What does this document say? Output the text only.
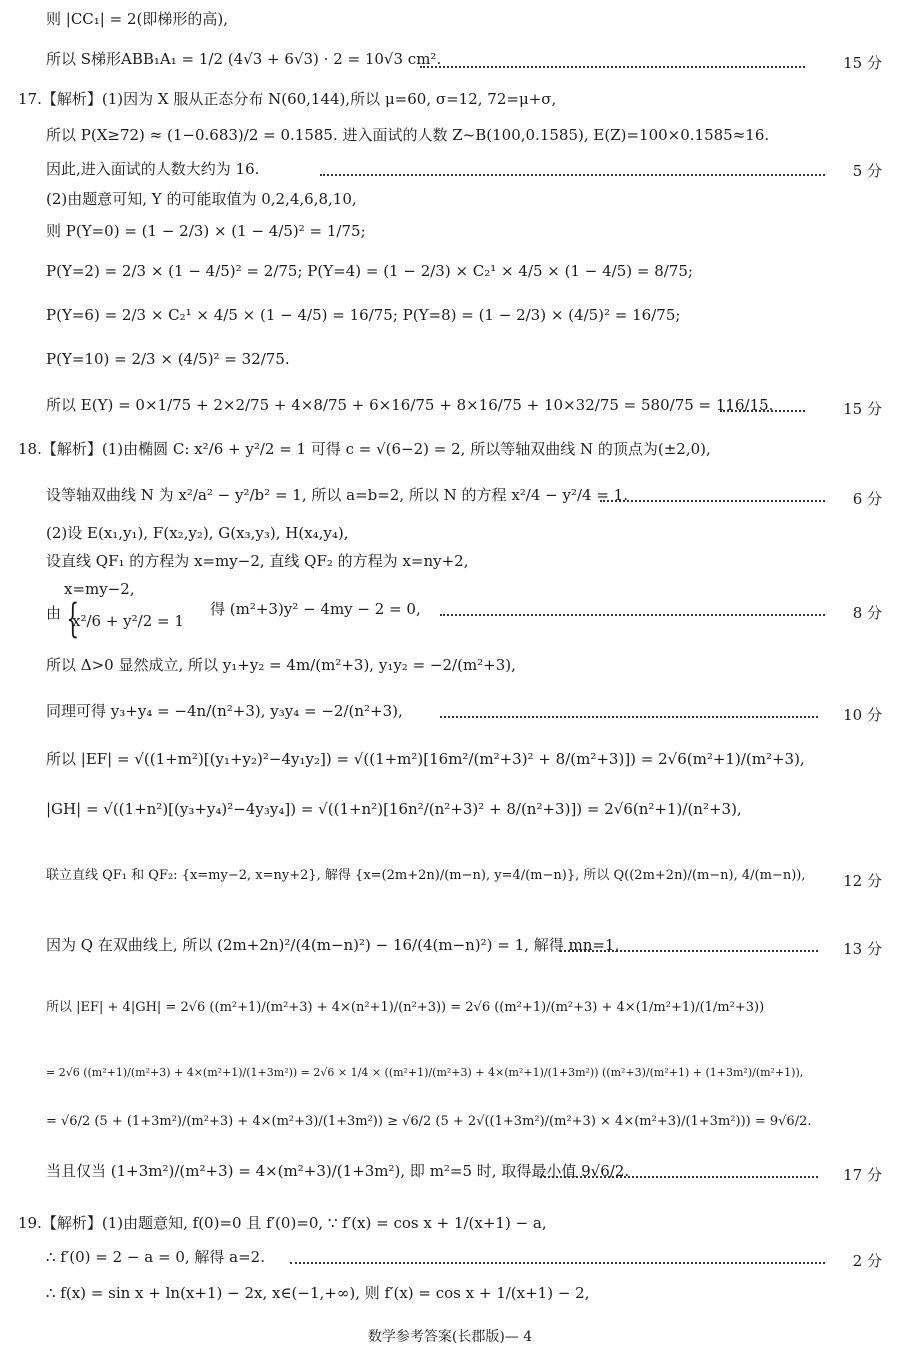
则 |CC₁| = 2(即梯形的高),
所以 S梯形ABB₁A₁ = 1/2 (4√3 + 6√3) · 2 = 10√3 cm².	15 分
17.【解析】(1)因为 X 服从正态分布 N(60,144),所以 μ=60, σ=12, 72=μ+σ,
所以 P(X≥72) ≈ (1−0.683)/2 = 0.1585. 进入面试的人数 Z~B(100,0.1585), E(Z)=100×0.1585≈16.
因此,进入面试的人数大约为 16.	5 分
(2)由题意可知, Y 的可能取值为 0,2,4,6,8,10,
则 P(Y=0) = (1 − 2/3) × (1 − 4/5)² = 1/75;
P(Y=2) = 2/3 × (1 − 4/5)² = 2/75; P(Y=4) = (1 − 2/3) × C₂¹ × 4/5 × (1 − 4/5) = 8/75;
P(Y=6) = 2/3 × C₂¹ × 4/5 × (1 − 4/5) = 16/75; P(Y=8) = (1 − 2/3) × (4/5)² = 16/75;
P(Y=10) = 2/3 × (4/5)² = 32/75.
所以 E(Y) = 0×1/75 + 2×2/75 + 4×8/75 + 6×16/75 + 8×16/75 + 10×32/75 = 580/75 = 116/15.	15 分
18.【解析】(1)由椭圆 C: x²/6 + y²/2 = 1 可得 c = √(6−2) = 2, 所以等轴双曲线 N 的顶点为(±2,0),
设等轴双曲线 N 为 x²/a² − y²/b² = 1, 所以 a=b=2, 所以 N 的方程 x²/4 − y²/4 = 1.	6 分
(2)设 E(x₁,y₁), F(x₂,y₂), G(x₃,y₃), H(x₄,y₄),
设直线 QF₁ 的方程为 x=my−2, 直线 QF₂ 的方程为 x=ny+2,
x=my−2,
由 {
x²/6 + y²/2 = 1
得 (m²+3)y² − 4my − 2 = 0,	8 分
所以 Δ>0 显然成立, 所以 y₁+y₂ = 4m/(m²+3), y₁y₂ = −2/(m²+3),
同理可得 y₃+y₄ = −4n/(n²+3), y₃y₄ = −2/(n²+3),	10 分
所以 |EF| = √((1+m²)[(y₁+y₂)²−4y₁y₂]) = √((1+m²)[16m²/(m²+3)² + 8/(m²+3)]) = 2√6(m²+1)/(m²+3),
|GH| = √((1+n²)[(y₃+y₄)²−4y₃y₄]) = √((1+n²)[16n²/(n²+3)² + 8/(n²+3)]) = 2√6(n²+1)/(n²+3),
联立直线 QF₁ 和 QF₂: {x=my−2, x=ny+2}, 解得 {x=(2m+2n)/(m−n), y=4/(m−n)}, 所以 Q((2m+2n)/(m−n), 4/(m−n)),	12 分
因为 Q 在双曲线上, 所以 (2m+2n)²/(4(m−n)²) − 16/(4(m−n)²) = 1, 解得 mn=1,	13 分
所以 |EF| + 4|GH| = 2√6 ((m²+1)/(m²+3) + 4×(n²+1)/(n²+3)) = 2√6 ((m²+1)/(m²+3) + 4×(1/m²+1)/(1/m²+3))
= 2√6 ((m²+1)/(m²+3) + 4×(m²+1)/(1+3m²)) = 2√6 × 1/4 × ((m²+1)/(m²+3) + 4×(m²+1)/(1+3m²)) ((m²+3)/(m²+1) + (1+3m²)/(m²+1)),
= √6/2 (5 + (1+3m²)/(m²+3) + 4×(m²+3)/(1+3m²)) ≥ √6/2 (5 + 2√((1+3m²)/(m²+3) × 4×(m²+3)/(1+3m²))) = 9√6/2.
当且仅当 (1+3m²)/(m²+3) = 4×(m²+3)/(1+3m²), 即 m²=5 时, 取得最小值 9√6/2.	17 分
19.【解析】(1)由题意知, f(0)=0 且 f′(0)=0, ∵ f′(x) = cos x + 1/(x+1) − a,
∴ f′(0) = 2 − a = 0, 解得 a=2.	2 分
∴ f(x) = sin x + ln(x+1) − 2x, x∈(−1,+∞), 则 f′(x) = cos x + 1/(x+1) − 2,
数学参考答案(长郡版)— 4
